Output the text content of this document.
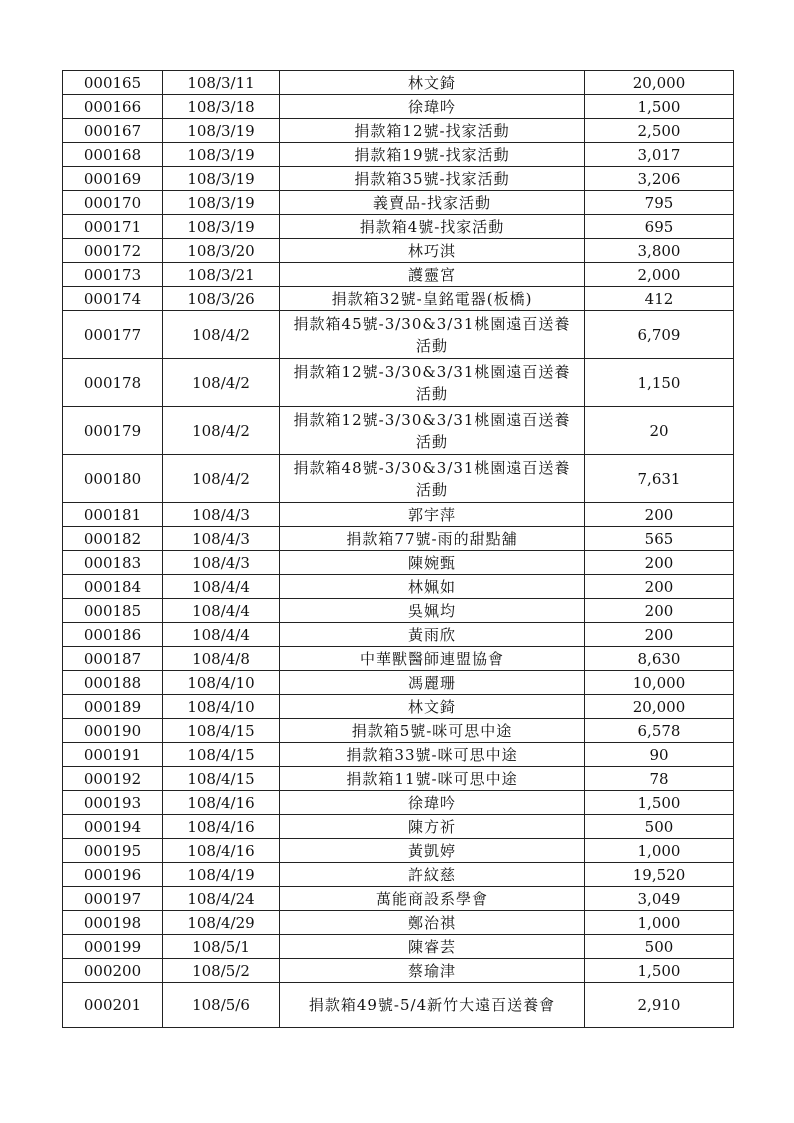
000165	108/3/11	林文錡	20,000
000166	108/3/18	徐瑋吟	1,500
000167	108/3/19	捐款箱12號-找家活動	2,500
000168	108/3/19	捐款箱19號-找家活動	3,017
000169	108/3/19	捐款箱35號-找家活動	3,206
000170	108/3/19	義賣品-找家活動	795
000171	108/3/19	捐款箱4號-找家活動	695
000172	108/3/20	林巧淇	3,800
000173	108/3/21	護靈宮	2,000
000174	108/3/26	捐款箱32號-皇銘電器(板橋)	412
000177	108/4/2	捐款箱45號-3/30&3/31桃園遠百送養活動	6,709
000178	108/4/2	捐款箱12號-3/30&3/31桃園遠百送養活動	1,150
000179	108/4/2	捐款箱12號-3/30&3/31桃園遠百送養活動	20
000180	108/4/2	捐款箱48號-3/30&3/31桃園遠百送養活動	7,631
000181	108/4/3	郭宇萍	200
000182	108/4/3	捐款箱77號-雨的甜點舖	565
000183	108/4/3	陳婉甄	200
000184	108/4/4	林姵如	200
000185	108/4/4	吳姵均	200
000186	108/4/4	黃雨欣	200
000187	108/4/8	中華獸醫師連盟協會	8,630
000188	108/4/10	馮麗珊	10,000
000189	108/4/10	林文錡	20,000
000190	108/4/15	捐款箱5號-咪可思中途	6,578
000191	108/4/15	捐款箱33號-咪可思中途	90
000192	108/4/15	捐款箱11號-咪可思中途	78
000193	108/4/16	徐瑋吟	1,500
000194	108/4/16	陳方祈	500
000195	108/4/16	黃凱婷	1,000
000196	108/4/19	許紋慈	19,520
000197	108/4/24	萬能商設系學會	3,049
000198	108/4/29	鄭治祺	1,000
000199	108/5/1	陳睿芸	500
000200	108/5/2	蔡瑜津	1,500
000201	108/5/6	捐款箱49號-5/4新竹大遠百送養會	2,910
